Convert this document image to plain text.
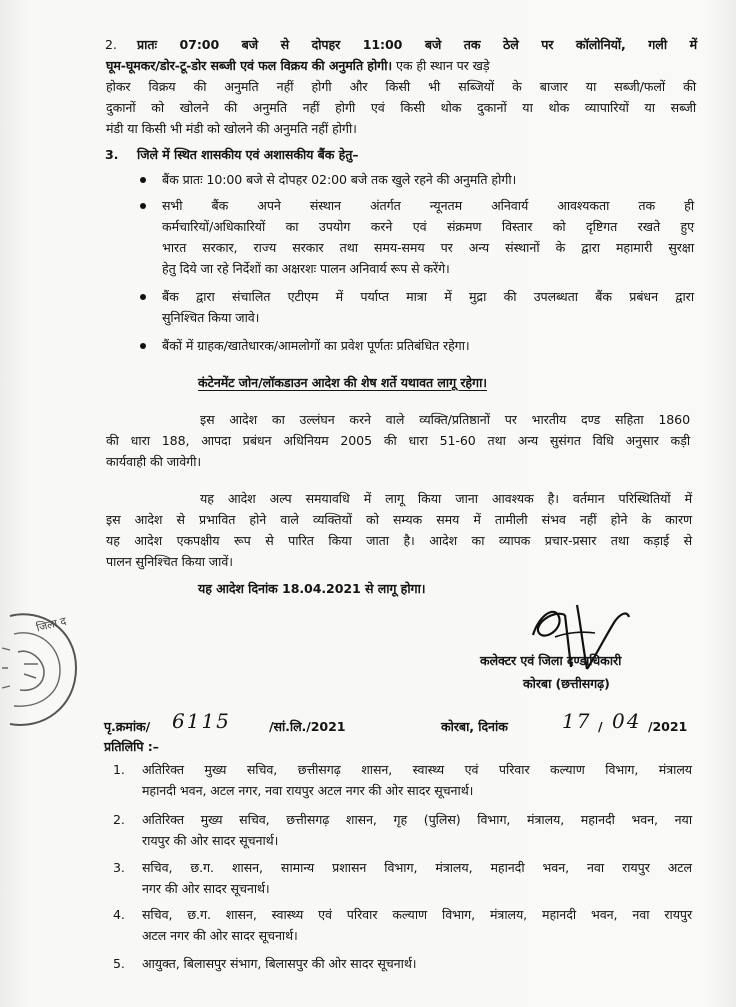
2. प्रातः 07:00 बजे से दोपहर 11:00 बजे तक ठेले पर कॉलोनियों, गली में
घूम-घूमकर/डोर-टू-डोर सब्जी एवं फल विक्रय की अनुमति होगी। एक ही स्थान पर खड़े
होकर विक्रय की अनुमति नहीं होगी और किसी भी सब्जियों के बाजार या सब्जी/फलों की
दुकानों को खोलने की अनुमति नहीं होगी एवं किसी थोक दुकानों या थोक व्यापारियों या सब्जी
मंडी या किसी भी मंडी को खोलने की अनुमति नहीं होगी।
3. जिले में स्थित शासकीय एवं अशासकीय बैंक हेतु–
बैंक प्रातः 10:00 बजे से दोपहर 02:00 बजे तक खुले रहने की अनुमति होगी।
सभी बैंक अपने संस्थान अंतर्गत न्यूनतम अनिवार्य आवश्यकता तक ही
कर्मचारियों/अधिकारियों का उपयोग करने एवं संक्रमण विस्तार को दृष्टिगत रखते हुए
भारत सरकार, राज्य सरकार तथा समय-समय पर अन्य संस्थानों के द्वारा महामारी सुरक्षा
हेतु दिये जा रहे निर्देशों का अक्षरशः पालन अनिवार्य रूप से करेंगे।
बैंक द्वारा संचालित एटीएम में पर्याप्त मात्रा में मुद्रा की उपलब्धता बैंक प्रबंधन द्वारा
सुनिश्चित किया जावे।
बैंकों में ग्राहक/खातेधारक/आमलोगों का प्रवेश पूर्णतः प्रतिबंधित रहेगा।
कंटेनमेंट जोन/लॉकडाउन आदेश की शेष शर्ते यथावत लागू रहेगा।
इस आदेश का उल्लंघन करने वाले व्यक्ति/प्रतिष्ठानों पर भारतीय दण्ड सहिता 1860
की धारा 188, आपदा प्रबंधन अधिनियम 2005 की धारा 51-60 तथा अन्य सुसंगत विधि अनुसार कड़ी
कार्यवाही की जावेगी।
यह आदेश अल्प समयावधि में लागू किया जाना आवश्यक है। वर्तमान परिस्थितियों में
इस आदेश से प्रभावित होने वाले व्यक्तियों को सम्यक समय में तामीली संभव नहीं होने के कारण
यह आदेश एकपक्षीय रूप से पारित किया जाता है। आदेश का व्यापक प्रचार-प्रसार तथा कड़ाई से
पालन सुनिश्चित किया जावें।
यह आदेश दिनांक 18.04.2021 से लागू होगा।
कलेक्टर एवं जिला दण्डाधिकारी
कोरबा (छत्तीसगढ़)
जिला द
पृ.क्रमांक/ 6115	/सां.लि./2021	कोरबा, दिनांक	17 / 04 /2021
प्रतिलिपि :–
1. अतिरिक्त मुख्य सचिव, छत्तीसगढ़ शासन, स्वास्थ्य एवं परिवार कल्याण विभाग, मंत्रालय
महानदी भवन, अटल नगर, नवा रायपुर अटल नगर की ओर सादर सूचनार्थ।
2. अतिरिक्त मुख्य सचिव, छत्तीसगढ़ शासन, गृह (पुलिस) विभाग, मंत्रालय, महानदी भवन, नया
रायपुर की ओर सादर सूचनार्थ।
3. सचिव, छ.ग. शासन, सामान्य प्रशासन विभाग, मंत्रालय, महानदी भवन, नवा रायपुर अटल
नगर की ओर सादर सूचनार्थ।
4. सचिव, छ.ग. शासन, स्वास्थ्य एवं परिवार कल्याण विभाग, मंत्रालय, महानदी भवन, नवा रायपुर
अटल नगर की ओर सादर सूचनार्थ।
5. आयुक्त, बिलासपुर संभाग, बिलासपुर की ओर सादर सूचनार्थ।
